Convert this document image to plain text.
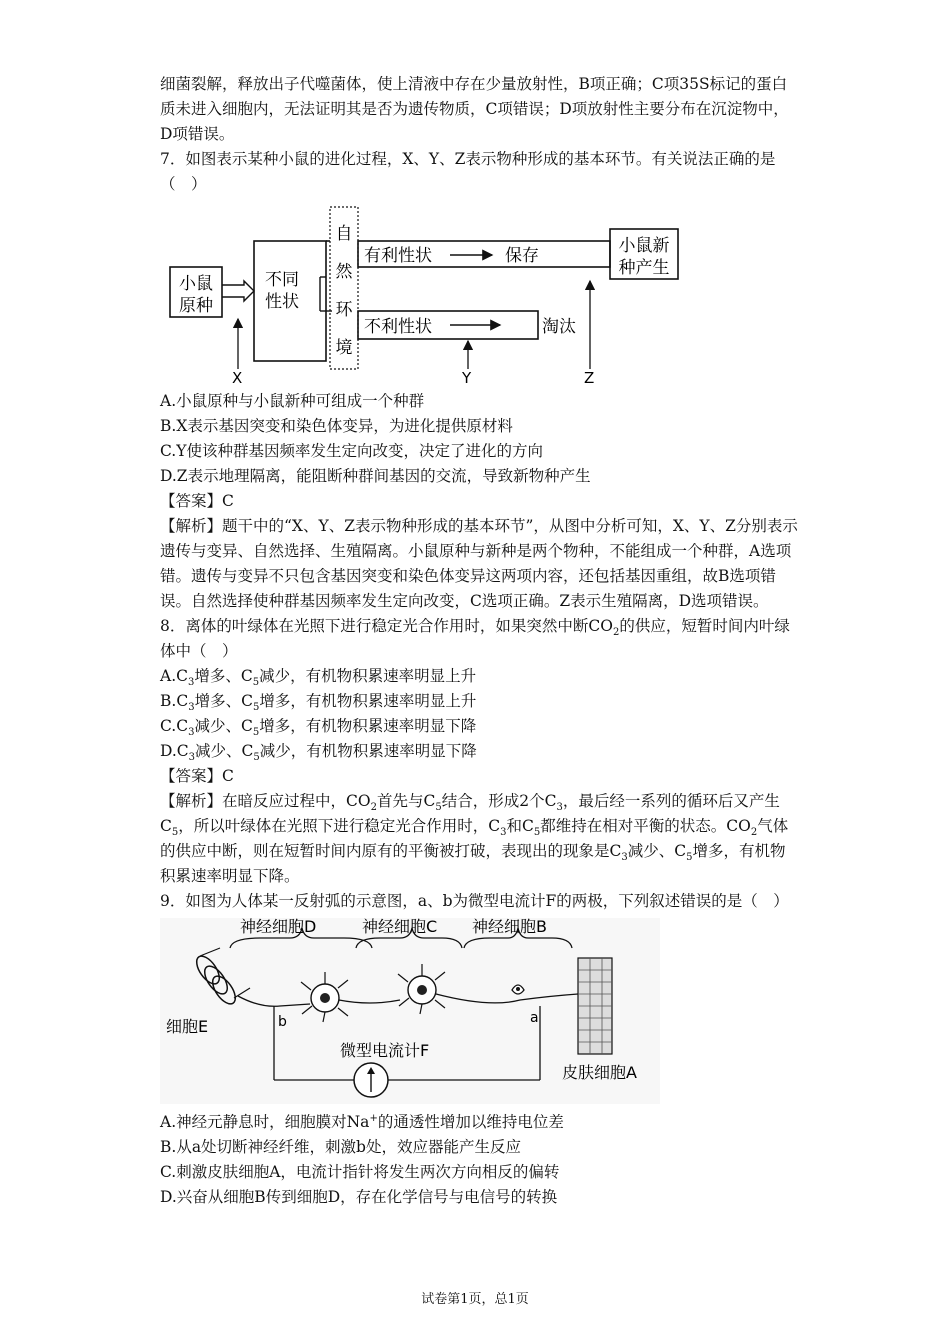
细菌裂解，释放出子代噬菌体，使上清液中存在少量放射性，B项正确；C项35S标记的蛋白质未进入细胞内，无法证明其是否为遗传物质，C项错误；D项放射性主要分布在沉淀物中，D项错误。

7．如图表示某种小鼠的进化过程，X、Y、Z表示物种形成的基本环节。有关说法正确的是（　）

小鼠
原种
不同
性状
自
然
环
境
有利性状	保存	小鼠新
种产生
不利性状	淘汰
X	Y	Z

A.小鼠原种与小鼠新种可组成一个种群

B.X表示基因突变和染色体变异，为进化提供原材料

C.Y使该种群基因频率发生定向改变，决定了进化的方向

D.Z表示地理隔离，能阻断种群间基因的交流，导致新物种产生

【答案】C

【解析】题干中的“X、Y、Z表示物种形成的基本环节”，从图中分析可知，X、Y、Z分别表示遗传与变异、自然选择、生殖隔离。小鼠原种与新种是两个物种，不能组成一个种群，A选项错。遗传与变异不只包含基因突变和染色体变异这两项内容，还包括基因重组，故B选项错误。自然选择使种群基因频率发生定向改变，C选项正确。Z表示生殖隔离，D选项错误。

8．离体的叶绿体在光照下进行稳定光合作用时，如果突然中断$CO_2$的供应，短暂时间内叶绿体中（　）

$A.C_3$增多、$C_5$减少，有机物积累速率明显上升

$B.C_3$增多、$C_5$增多，有机物积累速率明显上升

$C.C_3$减少、$C_5$增多，有机物积累速率明显下降

$D.C_3$减少、$C_5$减少，有机物积累速率明显下降

【答案】C

【解析】在暗反应过程中，$CO_2$首先与$C_5$结合，形成2个$C_3$，最后经一系列的循环后又产生$C_5$，所以叶绿体在光照下进行稳定光合作用时，$C_3$和$C_5$都维持在相对平衡的状态。$CO_2$气体的供应中断，则在短暂时间内原有的平衡被打破，表现出的现象是$C_3$减少、$C_5$增多，有机物积累速率明显下降。

9．如图为人体某一反射弧的示意图，a、b为微型电流计F的两极，下列叙述错误的是（　）

神经细胞D	神经细胞C 神经细胞B
细胞E
皮肤细胞A
b	a
微型电流计F

A.神经元静息时，细胞膜对Na+的通透性增加以维持电位差

B.从a处切断神经纤维，刺激b处，效应器能产生反应

C.刺激皮肤细胞A，电流计指针将发生两次方向相反的偏转

D.兴奋从细胞B传到细胞D，存在化学信号与电信号的转换

试卷第1页，总1页
